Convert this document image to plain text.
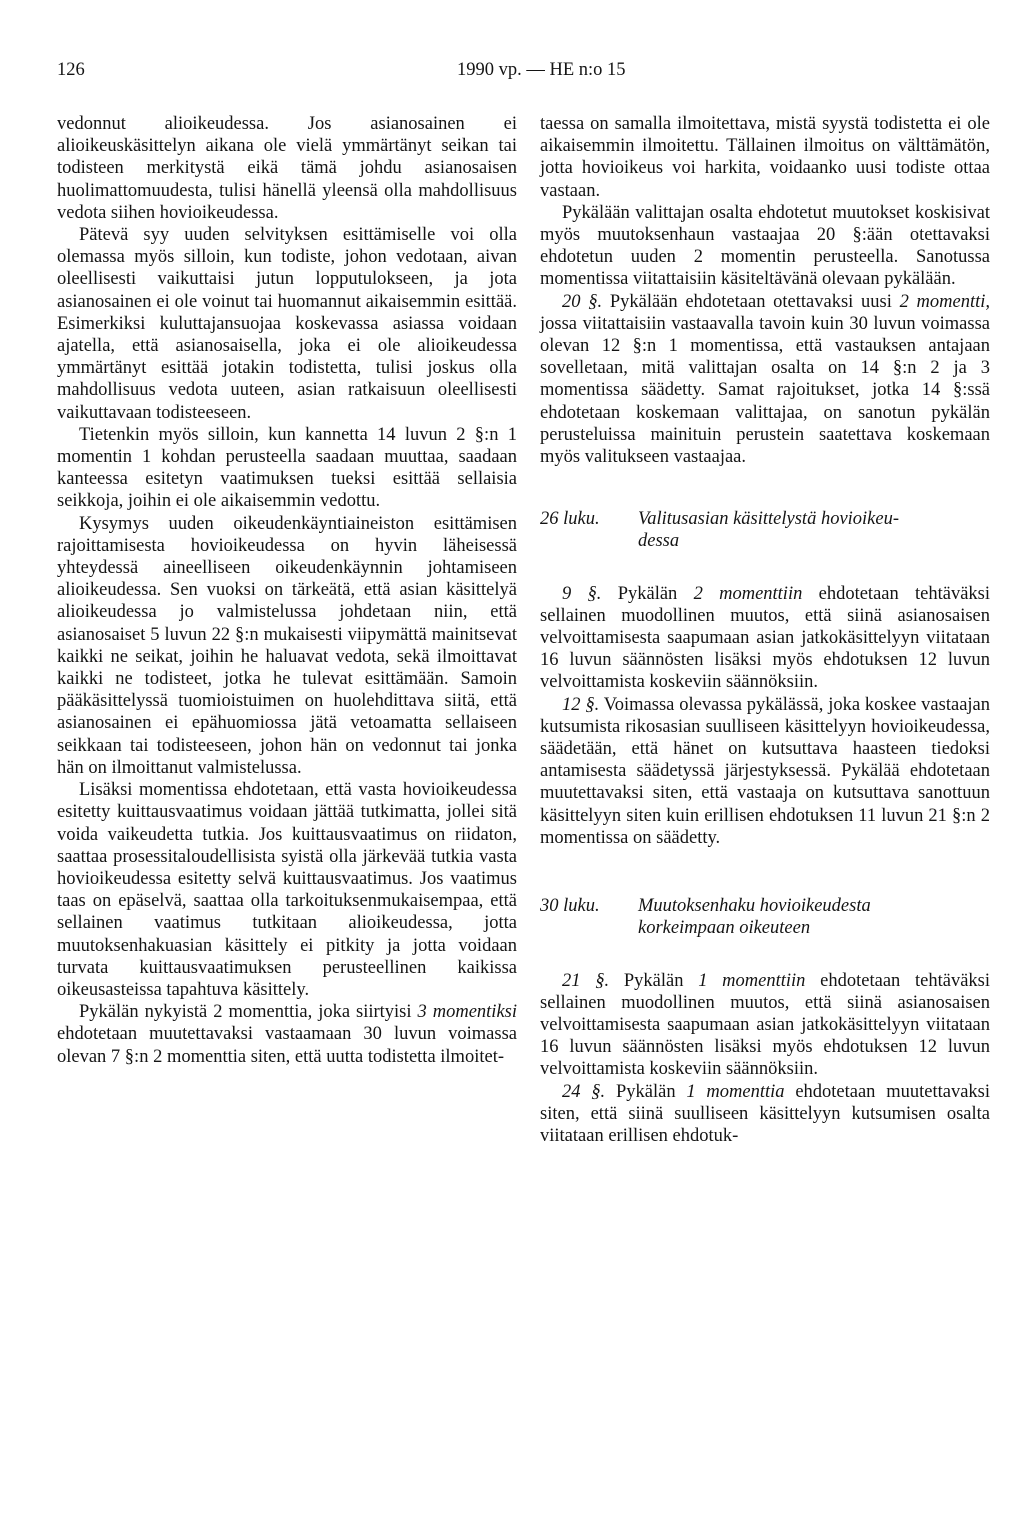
126	1990 vp. — HE n:o 15

vedonnut alioikeudessa. Jos asianosainen ei alioikeuskäsittelyn aikana ole vielä ymmärtänyt seikan tai todisteen merkitystä eikä tämä johdu asianosaisen huolimattomuudesta, tulisi hänellä yleensä olla mahdollisuus vedota siihen hovioikeudessa.

Pätevä syy uuden selvityksen esittämiselle voi olla olemassa myös silloin, kun todiste, johon vedotaan, aivan oleellisesti vaikuttaisi jutun lopputulokseen, ja jota asianosainen ei ole voinut tai huomannut aikaisemmin esittää. Esimerkiksi kuluttajansuojaa koskevassa asiassa voidaan ajatella, että asianosaisella, joka ei ole alioikeudessa ymmärtänyt esittää jotakin todistetta, tulisi joskus olla mahdollisuus vedota uuteen, asian ratkaisuun oleellisesti vaikuttavaan todisteeseen.

Tietenkin myös silloin, kun kannetta 14 luvun 2 §:n 1 momentin 1 kohdan perusteella saadaan muuttaa, saadaan kanteessa esitetyn vaatimuksen tueksi esittää sellaisia seikkoja, joihin ei ole aikaisemmin vedottu.

Kysymys uuden oikeudenkäyntiaineiston esittämisen rajoittamisesta hovioikeudessa on hyvin läheisessä yhteydessä aineelliseen oikeudenkäynnin johtamiseen alioikeudessa. Sen vuoksi on tärkeätä, että asian käsittelyä alioikeudessa jo valmistelussa johdetaan niin, että asianosaiset 5 luvun 22 §:n mukaisesti viipymättä mainitsevat kaikki ne seikat, joihin he haluavat vedota, sekä ilmoittavat kaikki ne todisteet, jotka he tulevat esittämään. Samoin pääkäsittelyssä tuomioistuimen on huolehdittava siitä, että asianosainen ei epähuomiossa jätä vetoamatta sellaiseen seikkaan tai todisteeseen, johon hän on vedonnut tai jonka hän on ilmoittanut valmistelussa.

Lisäksi momentissa ehdotetaan, että vasta hovioikeudessa esitetty kuittausvaatimus voidaan jättää tutkimatta, jollei sitä voida vaikeudetta tutkia. Jos kuittausvaatimus on riidaton, saattaa prosessitaloudellisista syistä olla järkevää tutkia vasta hovioikeudessa esitetty selvä kuittausvaatimus. Jos vaatimus taas on epäselvä, saattaa olla tarkoituksenmukaisempaa, että sellainen vaatimus tutkitaan alioikeudessa, jotta muutoksenhakuasian käsittely ei pitkity ja jotta voidaan turvata kuittausvaatimuksen perusteellinen kaikissa oikeusasteissa tapahtuva käsittely.

Pykälän nykyistä 2 momenttia, joka siirtyisi 3 momentiksi ehdotetaan muutettavaksi vastaamaan 30 luvun voimassa olevan 7 §:n 2 momenttia siten, että uutta todistetta ilmoitet-

taessa on samalla ilmoitettava, mistä syystä todistetta ei ole aikaisemmin ilmoitettu. Tällainen ilmoitus on välttämätön, jotta hovioikeus voi harkita, voidaanko uusi todiste ottaa vastaan.

Pykälään valittajan osalta ehdotetut muutokset koskisivat myös muutoksenhaun vastaajaa 20 §:ään otettavaksi ehdotetun uuden 2 momentin perusteella. Sanotussa momentissa viitattaisiin käsiteltävänä olevaan pykälään.

20 §. Pykälään ehdotetaan otettavaksi uusi 2 momentti, jossa viitattaisiin vastaavalla tavoin kuin 30 luvun voimassa olevan 12 §:n 1 momentissa, että vastauksen antajaan sovelletaan, mitä valittajan osalta on 14 §:n 2 ja 3 momentissa säädetty. Samat rajoitukset, jotka 14 §:ssä ehdotetaan koskemaan valittajaa, on sanotun pykälän perusteluissa mainituin perustein saatettava koskemaan myös valitukseen vastaajaa.

26 luku. Valitusasian käsittelystä hovioikeu-
dessa

9 §. Pykälän 2 momenttiin ehdotetaan tehtäväksi sellainen muodollinen muutos, että siinä asianosaisen velvoittamisesta saapumaan asian jatkokäsittelyyn viitataan 16 luvun säännösten lisäksi myös ehdotuksen 12 luvun velvoittamista koskeviin säännöksiin.

12 §. Voimassa olevassa pykälässä, joka koskee vastaajan kutsumista rikosasian suulliseen käsittelyyn hovioikeudessa, säädetään, että hänet on kutsuttava haasteen tiedoksi antamisesta säädetyssä järjestyksessä. Pykälää ehdotetaan muutettavaksi siten, että vastaaja on kutsuttava sanottuun käsittelyyn siten kuin erillisen ehdotuksen 11 luvun 21 §:n 2 momentissa on säädetty.

30 luku. Muutoksenhaku hovioikeudesta
korkeimpaan oikeuteen

21 §. Pykälän 1 momenttiin ehdotetaan tehtäväksi sellainen muodollinen muutos, että siinä asianosaisen velvoittamisesta saapumaan asian jatkokäsittelyyn viitataan 16 luvun säännösten lisäksi myös ehdotuksen 12 luvun velvoittamista koskeviin säännöksiin.

24 §. Pykälän 1 momenttia ehdotetaan muutettavaksi siten, että siinä suulliseen käsittelyyn kutsumisen osalta viitataan erillisen ehdotuk-
